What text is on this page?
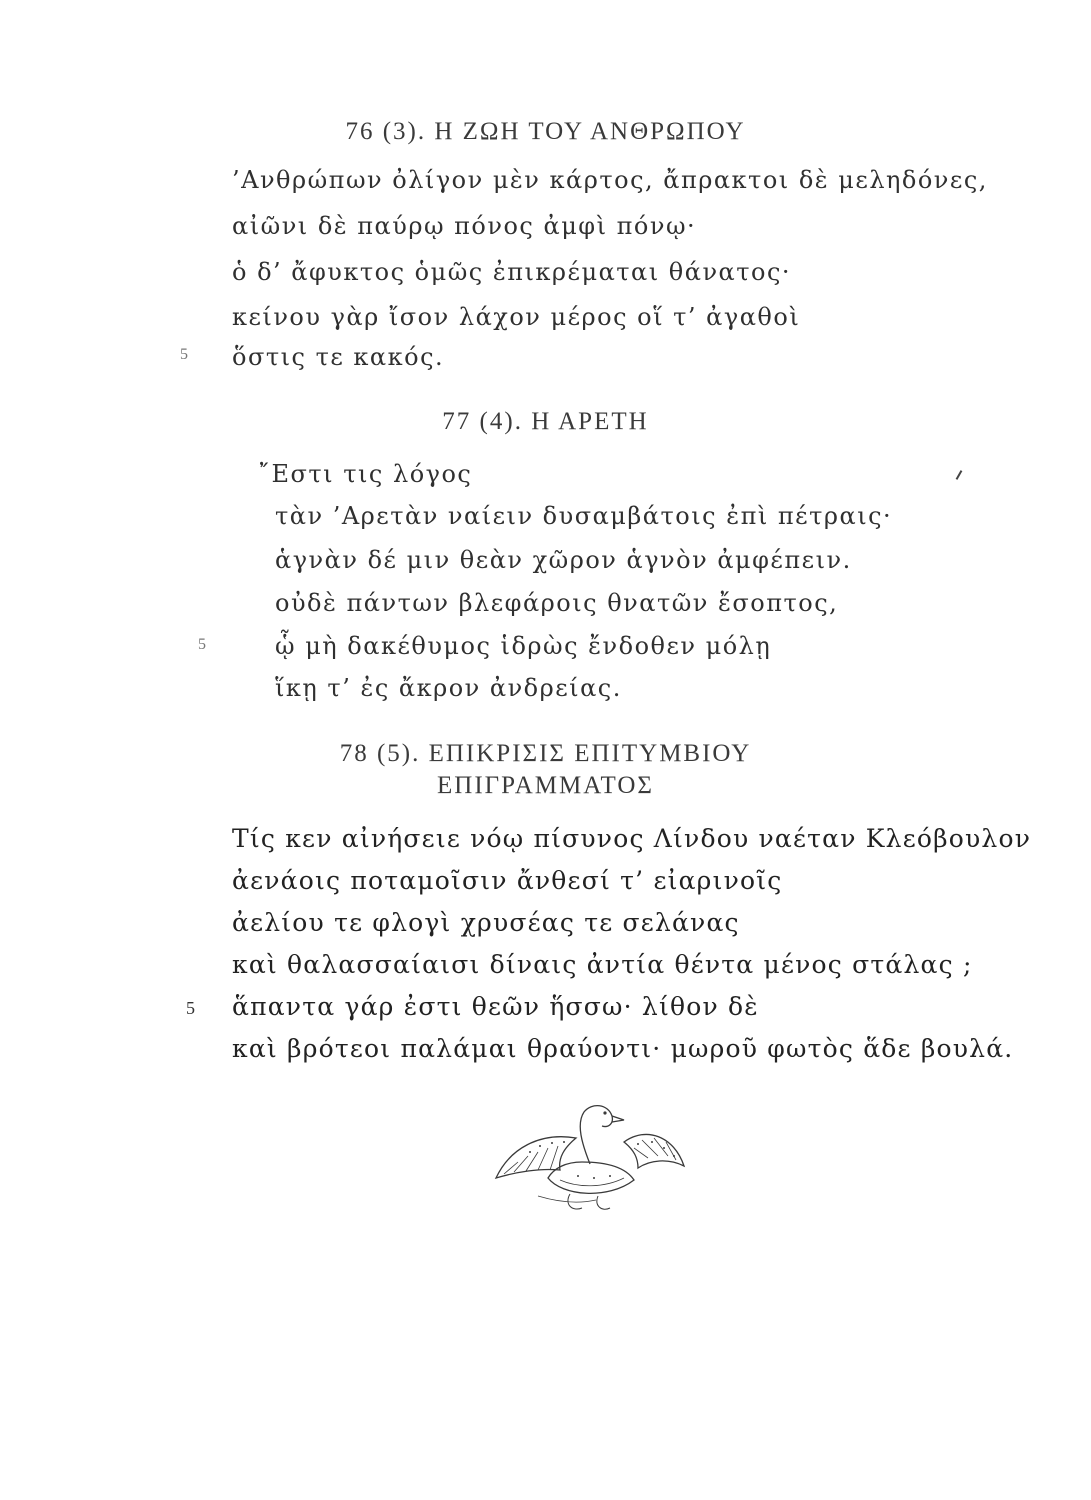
76 (3). Η ΖΩΗ ΤΟΥ ΑΝΘΡΩΠΟΥ
’Ανθρώπων ὀλίγον μὲν κάρτος, ἄπρακτοι δὲ μεληδόνες,
αἰῶνι δὲ παύρῳ πόνος ἀμφὶ πόνῳ·
ὁ δ’ ἄφυκτος ὁμῶς ἐπικρέμαται θάνατος·
κείνου γὰρ ἴσον λάχον μέρος οἵ τ’ ἀγαθοὶ
5 ὅστις τε κακός.
77 (4). Η ΑΡΕΤΗ
῎Εστι τις λόγος
τὰν ’Αρετὰν ναίειν δυσαμβάτοις ἐπὶ πέτραις·
ἁγνὰν δέ μιν θεὰν χῶρον ἁγνὸν ἀμφέπειν.
οὐδὲ πάντων βλεφάροις θνατῶν ἔσοπτος,
5	ᾧ μὴ δακέθυμος ἱδρὼς ἔνδοθεν μόλῃ
ἵκῃ τ’ ἐς ἄκρον ἀνδρείας.
78 (5). ΕΠΙΚΡΙΣΙΣ ΕΠΙΤΥΜΒΙΟΥ
ΕΠΙΓΡΑΜΜΑΤΟΣ
Τίς κεν αἰνήσειε νόῳ πίσυνος Λίνδου ναέταν Κλεόβουλον
ἀενάοις ποταμοῖσιν ἄνθεσί τ’ εἰαρινοῖς
ἀελίου τε φλογὶ χρυσέας τε σελάνας
καὶ θαλασσαίαισι δίναις ἀντία θέντα μένος στάλας ;
5 ἅπαντα γάρ ἐστι θεῶν ἥσσω· λίθον δὲ
καὶ βρότεοι παλάμαι θραύοντι· μωροῦ φωτὸς ἅδε βουλά.
